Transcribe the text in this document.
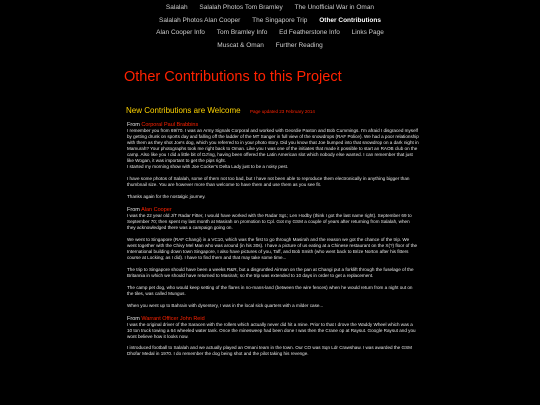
Salalah Salalah Photos Tom Bramley The Unofficial War in Oman
Salalah Photos Alan Cooper The Singapore Trip Other Contributions
Alan Cooper Info Tom Bramley Info Ed Featherstone Info Links Page
Muscat & Oman Further Reading
Other Contributions to this Project
New Contributions are Welcome Page updated 23 February 2014
From Corporal Paul Brabbins

I remember you from 69/70. I was an Army Signals Corporal and worked with Geordie Paxton and Bob Cummings. I'm afraid I disgraced myself by getting drunk on sports day and falling off the ladder of the MT Sanger in full view of the snowdrops (RAF Police). We had a poor relationship with them as they shot Joe's dog, which you referred to in your photo story. Did you know that Joe bumped into that snowdrop on a dark night in Mamurah? Your photographs took me right back to Oman. Like you I was one of the initiates that made it possible to start an RAOB club on the camp. Also like you I did a little bit of DJ'ing, having been offered the Latin American slot which nobody else wanted. I can remember that just like Wogan, it was important to get the pips right.

I started my morning show with Joe Cocker's Delta Lady just to be a noisy pest.

I have some photos of Salalah, some of them not too bad, but I have not been able to reproduce them electronically in anything bigger than thumbnail size. You are however more than welcome to have them and use them as you see fit.

Thanks again for the nostalgic journey.

From Alan Cooper

I was the 22 year old J/T Radar Fitter, I would have worked with the Radar Sgt.; Len Hodby (think I got the last name right). September 69 to September 70; then spent my last month at Masirah on promotion to Cpl. Got my GSM a couple of years after returning from Salalah, when they acknowledged there was a campaign going on.

We went to Singapore (RAF Changi) in a VC10, which was the first to go through Masirah and the reason we got the chance of the trip. We went together with the Chivy Mel Man who was around (in his 30s). I have a picture of us eating at a Chinese restaurant on the X(?) floor of the International building down town Singapore, I also have pictures of you, Taff, and Bob Smith (who went back to Brize Norton after his fitters course at Locking; as I did). I have to find them and that may take some time...

The trip to Singapore should have been a weeks R&R, but a disgruntled Airman on the pan at Changi put a forklift through the fuselage of the Britannia in which we should have returned to Masirah; so the trip was extended to 10 days in order to get a replacement.

The camp pet dog, who would keep setting of the flares in no-mans-land (between the wire fences) when he would return from a night out on the tiles, was called Mungus.

When you went up to Bahrain with dysentery, I was in the local sick quarters with a milder case...

From Warrant Officer John Reid

I was the original driver of the Saracen with the rollers which actually never did hit a mine. Prior to that I drove the Waddy Wheel which was a 10 ton truck towing a 64 wheeled water tank. Once the minesweep had been done I was then the Crane op at Raysut. Google Raysut and you wont believe how it looks now.

I introduced football to Salalah and we actually played an Omani team in the town. Our CO was Sqn Ldr Crawshaw. I was awarded the GSM Dhofar Medal in 1970. I do remember the dog being shot and the pilot taking his revenge.
